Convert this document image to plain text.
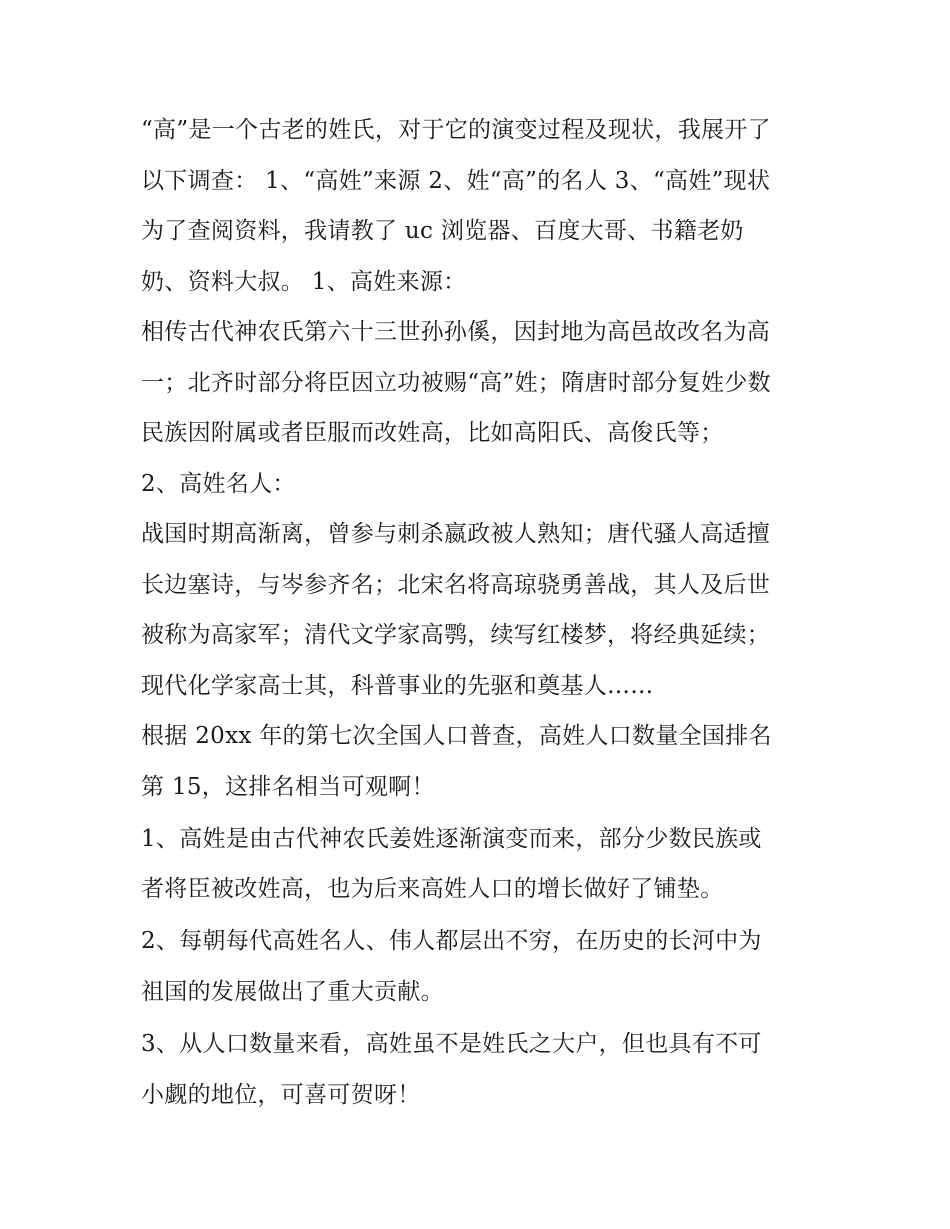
“高”是一个古老的姓氏，对于它的演变过程及现状，我展开了
以下调查： 1、“高姓”来源 2、姓“高”的名人 3、“高姓”现状
为了查阅资料，我请教了 uc 浏览器、百度大哥、书籍老奶
奶、资料大叔。 1、高姓来源：
相传古代神农氏第六十三世孙孙傒，因封地为高邑故改名为高
一；北齐时部分将臣因立功被赐“高”姓；隋唐时部分复姓少数
民族因附属或者臣服而改姓高，比如高阳氏、高俊氏等；
2、高姓名人：
战国时期高渐离，曾参与刺杀嬴政被人熟知；唐代骚人高适擅
长边塞诗，与岑参齐名；北宋名将高琼骁勇善战，其人及后世
被称为高家军；清代文学家高鹗，续写红楼梦，将经典延续；
现代化学家高士其，科普事业的先驱和奠基人……
根据 20xx 年的第七次全国人口普查，高姓人口数量全国排名
第 15，这排名相当可观啊！
1、高姓是由古代神农氏姜姓逐渐演变而来，部分少数民族或
者将臣被改姓高，也为后来高姓人口的增长做好了铺垫。
2、每朝每代高姓名人、伟人都层出不穷，在历史的长河中为
祖国的发展做出了重大贡献。
3、从人口数量来看，高姓虽不是姓氏之大户，但也具有不可
小觑的地位，可喜可贺呀！
